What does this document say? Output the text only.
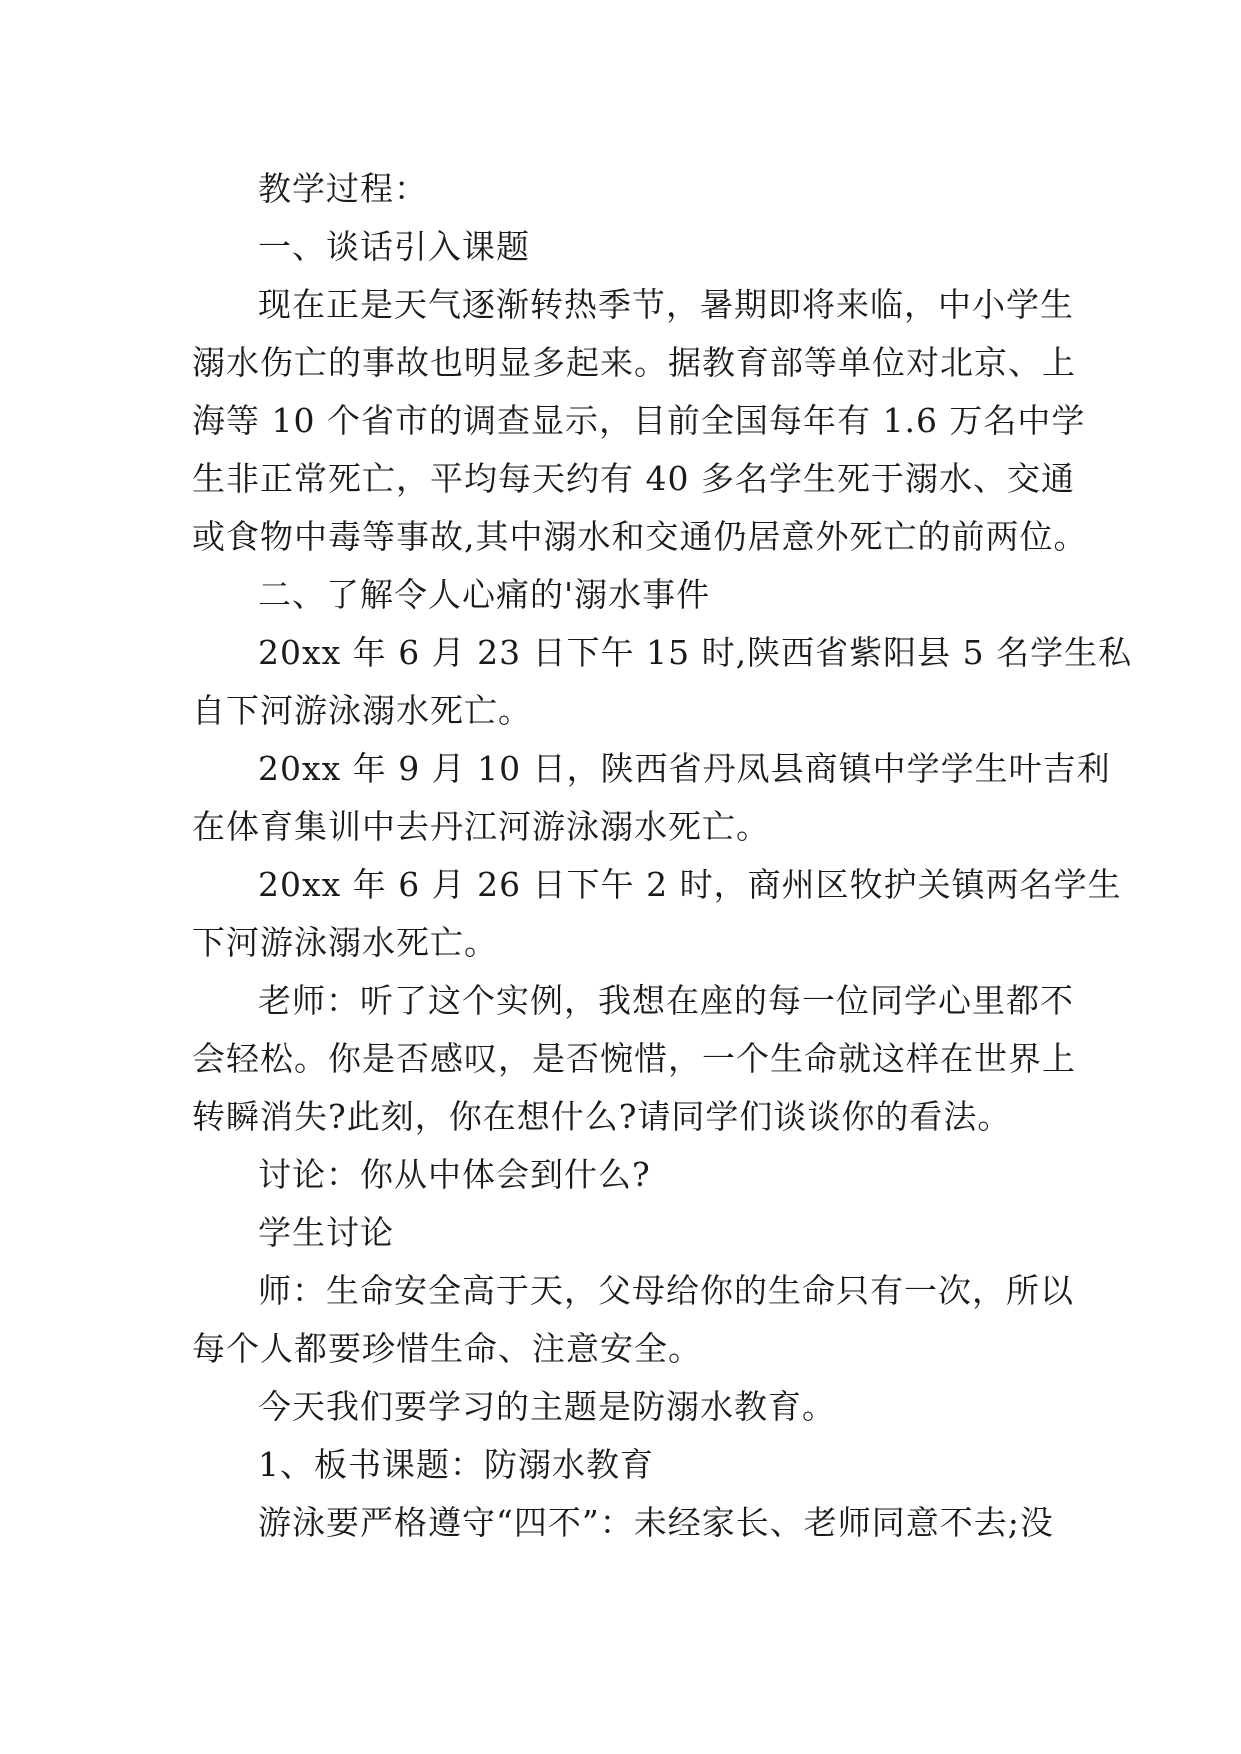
教学过程：

一、谈话引入课题

现在正是天气逐渐转热季节，暑期即将来临，中小学生

溺水伤亡的事故也明显多起来。据教育部等单位对北京、上

海等 10 个省市的调查显示，目前全国每年有 1.6 万名中学

生非正常死亡，平均每天约有 40 多名学生死于溺水、交通

或食物中毒等事故,其中溺水和交通仍居意外死亡的前两位。

二、了解令人心痛的'溺水事件

20xx 年 6 月 23 日下午 15 时,陕西省紫阳县 5 名学生私

自下河游泳溺水死亡。

20xx 年 9 月 10 日，陕西省丹凤县商镇中学学生叶吉利

在体育集训中去丹江河游泳溺水死亡。

20xx 年 6 月 26 日下午 2 时，商州区牧护关镇两名学生

下河游泳溺水死亡。

老师：听了这个实例，我想在座的每一位同学心里都不

会轻松。你是否感叹，是否惋惜，一个生命就这样在世界上

转瞬消失?此刻，你在想什么?请同学们谈谈你的看法。

讨论：你从中体会到什么?

学生讨论

师：生命安全高于天，父母给你的生命只有一次，所以

每个人都要珍惜生命、注意安全。

今天我们要学习的主题是防溺水教育。

1、板书课题：防溺水教育

游泳要严格遵守“四不”：未经家长、老师同意不去;没
